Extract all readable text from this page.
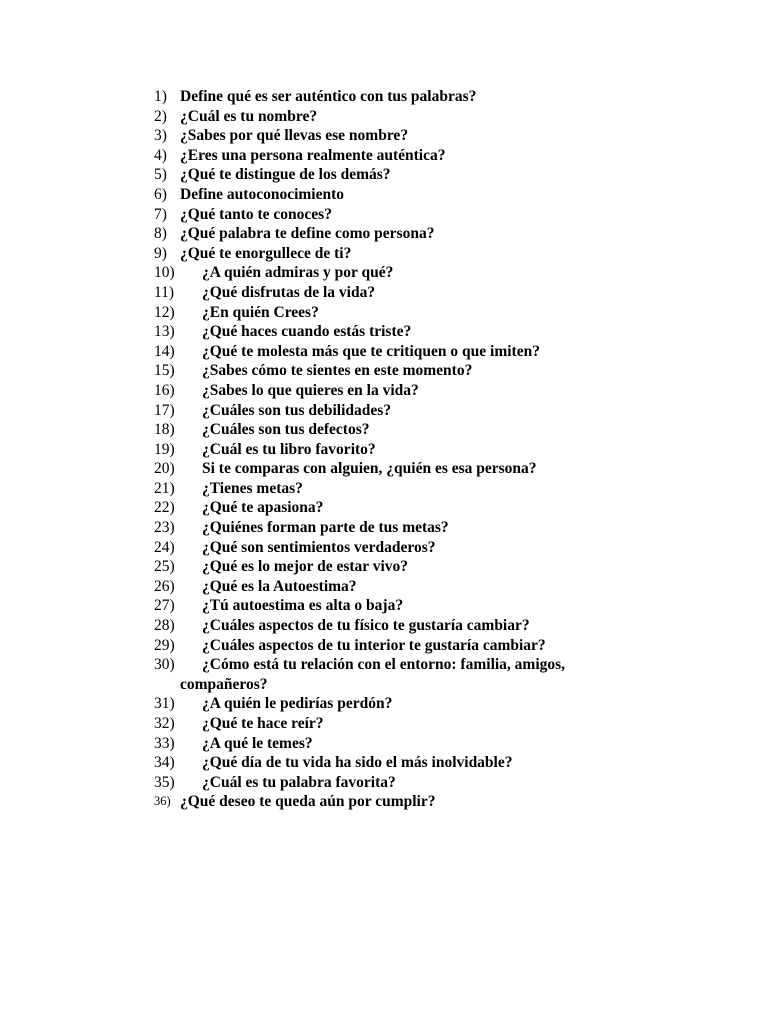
1) Define qué es ser auténtico con tus palabras?
2) ¿Cuál es tu nombre?
3) ¿Sabes por qué llevas ese nombre?
4) ¿Eres una persona realmente auténtica?
5) ¿Qué te distingue de los demás?
6) Define autoconocimiento
7) ¿Qué tanto te conoces?
8) ¿Qué palabra te define como persona?
9) ¿Qué te enorgullece de ti?
10)	¿A quién admiras y por qué?
11)	¿Qué disfrutas de la vida?
12)	¿En quién Crees?
13)	¿Qué haces cuando estás triste?
14)	¿Qué te molesta más que te critiquen o que imiten?
15)	¿Sabes cómo te sientes en este momento?
16)	¿Sabes lo que quieres en la vida?
17)	¿Cuáles son tus debilidades?
18)	¿Cuáles son tus defectos?
19)	¿Cuál es tu libro favorito?
20)	Si te comparas con alguien, ¿quién es esa persona?
21)	¿Tienes metas?
22)	¿Qué te apasiona?
23)	¿Quiénes forman parte de tus metas?
24)	¿Qué son sentimientos verdaderos?
25)	¿Qué es lo mejor de estar vivo?
26)	¿Qué es la Autoestima?
27)	¿Tú autoestima es alta o baja?
28)	¿Cuáles aspectos de tu físico te gustaría cambiar?
29)	¿Cuáles aspectos de tu interior te gustaría cambiar?
30)	¿Cómo está tu relación con el entorno: familia, amigos,
compañeros?
31)	¿A quién le pedirías perdón?
32)	¿Qué te hace reír?
33)	¿A qué le temes?
34)	¿Qué día de tu vida ha sido el más inolvidable?
35)	¿Cuál es tu palabra favorita?
36) ¿Qué deseo te queda aún por cumplir?
